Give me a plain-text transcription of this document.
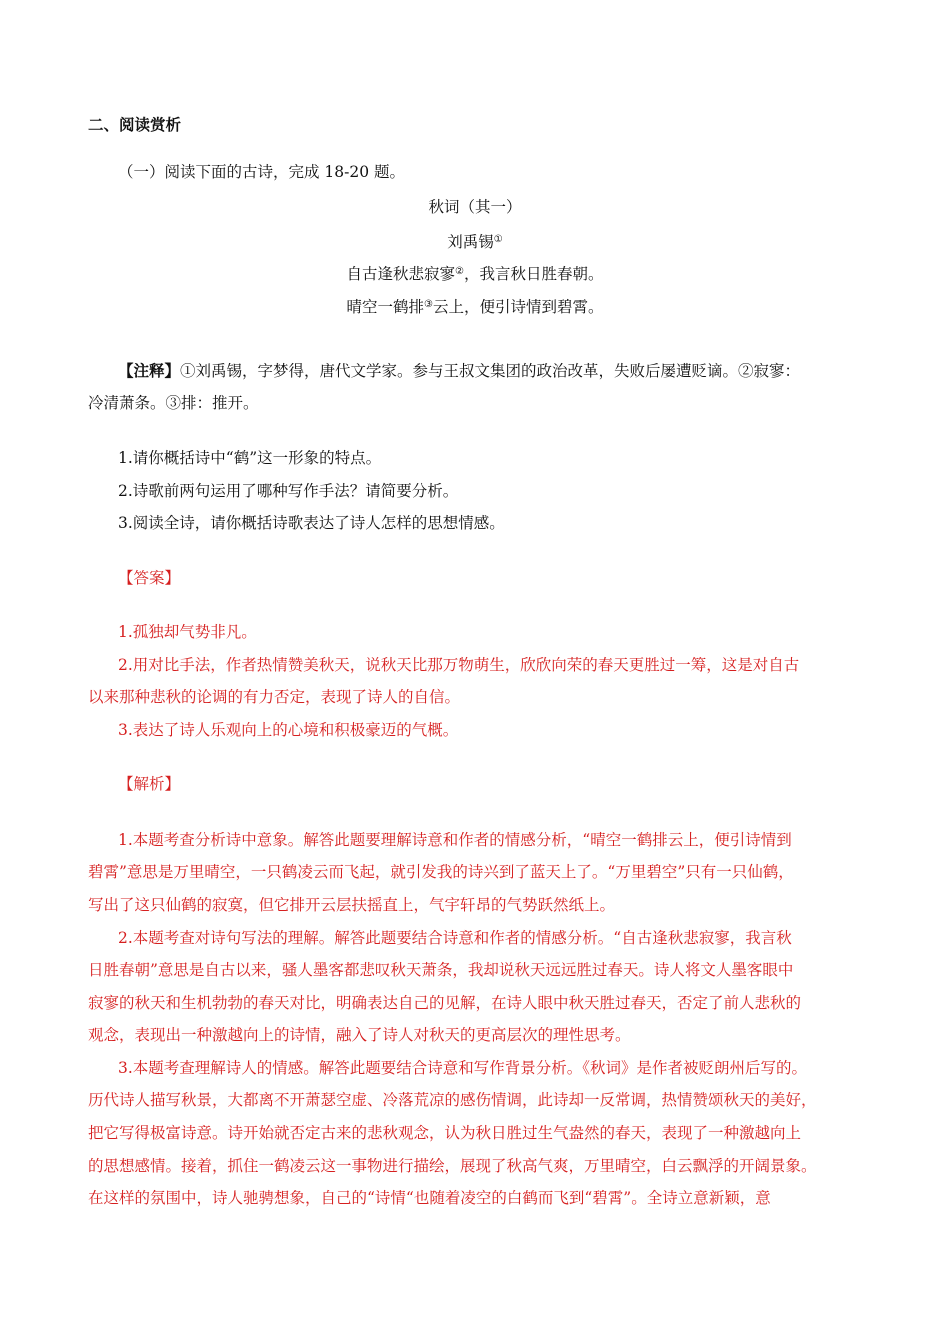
二、阅读赏析
（一）阅读下面的古诗，完成 18-20 题。
秋词（其一）
刘禹锡①
自古逢秋悲寂寥②，我言秋日胜春朝。
晴空一鹤排③云上，便引诗情到碧霄。
【注释】①刘禹锡，字梦得，唐代文学家。参与王叔文集团的政治改革，失败后屡遭贬谪。②寂寥：
冷清萧条。③排：推开。
1.请你概括诗中“鹤”这一形象的特点。
2.诗歌前两句运用了哪种写作手法？请简要分析。
3.阅读全诗，请你概括诗歌表达了诗人怎样的思想情感。
【答案】
1.孤独却气势非凡。
2.用对比手法，作者热情赞美秋天，说秋天比那万物萌生，欣欣向荣的春天更胜过一筹，这是对自古
以来那种悲秋的论调的有力否定，表现了诗人的自信。
3.表达了诗人乐观向上的心境和积极豪迈的气概。
【解析】
1.本题考查分析诗中意象。解答此题要理解诗意和作者的情感分析，“晴空一鹤排云上，便引诗情到
碧霄”意思是万里晴空，一只鹤凌云而飞起，就引发我的诗兴到了蓝天上了。“万里碧空”只有一只仙鹤，
写出了这只仙鹤的寂寞，但它排开云层扶摇直上，气宇轩昂的气势跃然纸上。
2.本题考查对诗句写法的理解。解答此题要结合诗意和作者的情感分析。“自古逢秋悲寂寥，我言秋
日胜春朝”意思是自古以来，骚人墨客都悲叹秋天萧条，我却说秋天远远胜过春天。诗人将文人墨客眼中
寂寥的秋天和生机勃勃的春天对比，明确表达自己的见解，在诗人眼中秋天胜过春天，否定了前人悲秋的
观念，表现出一种激越向上的诗情，融入了诗人对秋天的更高层次的理性思考。
3.本题考查理解诗人的情感。解答此题要结合诗意和写作背景分析。《秋词》是作者被贬朗州后写的。
历代诗人描写秋景，大都离不开萧瑟空虚、冷落荒凉的感伤情调，此诗却一反常调，热情赞颂秋天的美好，
把它写得极富诗意。诗开始就否定古来的悲秋观念，认为秋日胜过生气盎然的春天，表现了一种激越向上
的思想感情。接着，抓住一鹤凌云这一事物进行描绘，展现了秋高气爽，万里晴空，白云飘浮的开阔景象。
在这样的氛围中，诗人驰骋想象，自己的“诗情“也随着凌空的白鹤而飞到“碧霄”。全诗立意新颖，意
